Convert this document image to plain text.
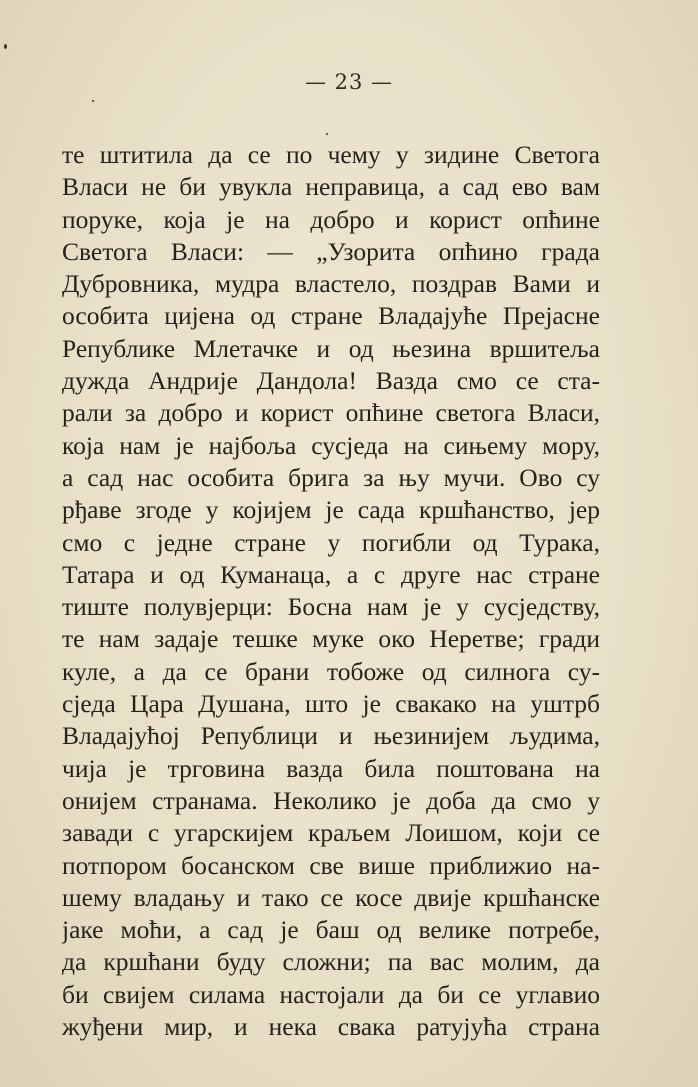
— 23 —
те штитила да се по чему у зидине Светога
Власи не би увукла неправица, а сад ево вам
поруке, која је на добро и корист опћине
Светога Власи: — „Узорита опћино града
Дубровника, мудра властело, поздрав Вами и
особита цијена од стране Владајуће Прејасне
Републике Млетачке и од њезина вршитеља
дужда Андрије Дандола! Вазда смо се ста-
рали за добро и корист опћине светога Власи,
која нам је најбоља сусједа на сињему мору,
а сад нас особита брига за њу мучи. Ово су
рђаве згоде у којијем је сада кршћанство, јер
смо с једне стране у погибли од Турака,
Татара и од Куманаца, а с друге нас стране
тиште полувјерци: Босна нам је у сусједству,
те нам задаје тешке муке око Неретве; гради
куле, а да се брани тобоже од силнога су-
сједа Цара Душана, што је свакако на уштрб
Владајућој Републици и њезинијем људима,
чија је трговина вазда била поштована на
онијем странама. Неколико је доба да смо у
завади с угарскијем краљем Лоишом, који се
потпором босанском све више приближио на-
шему владању и тако се косе двије кршћанске
јаке моћи, а сад је баш од велике потребе,
да кршћани буду сложни; па вас молим, да
би свијем силама настојали да би се углавио
жуђени мир, и нека свака ратујућа страна
